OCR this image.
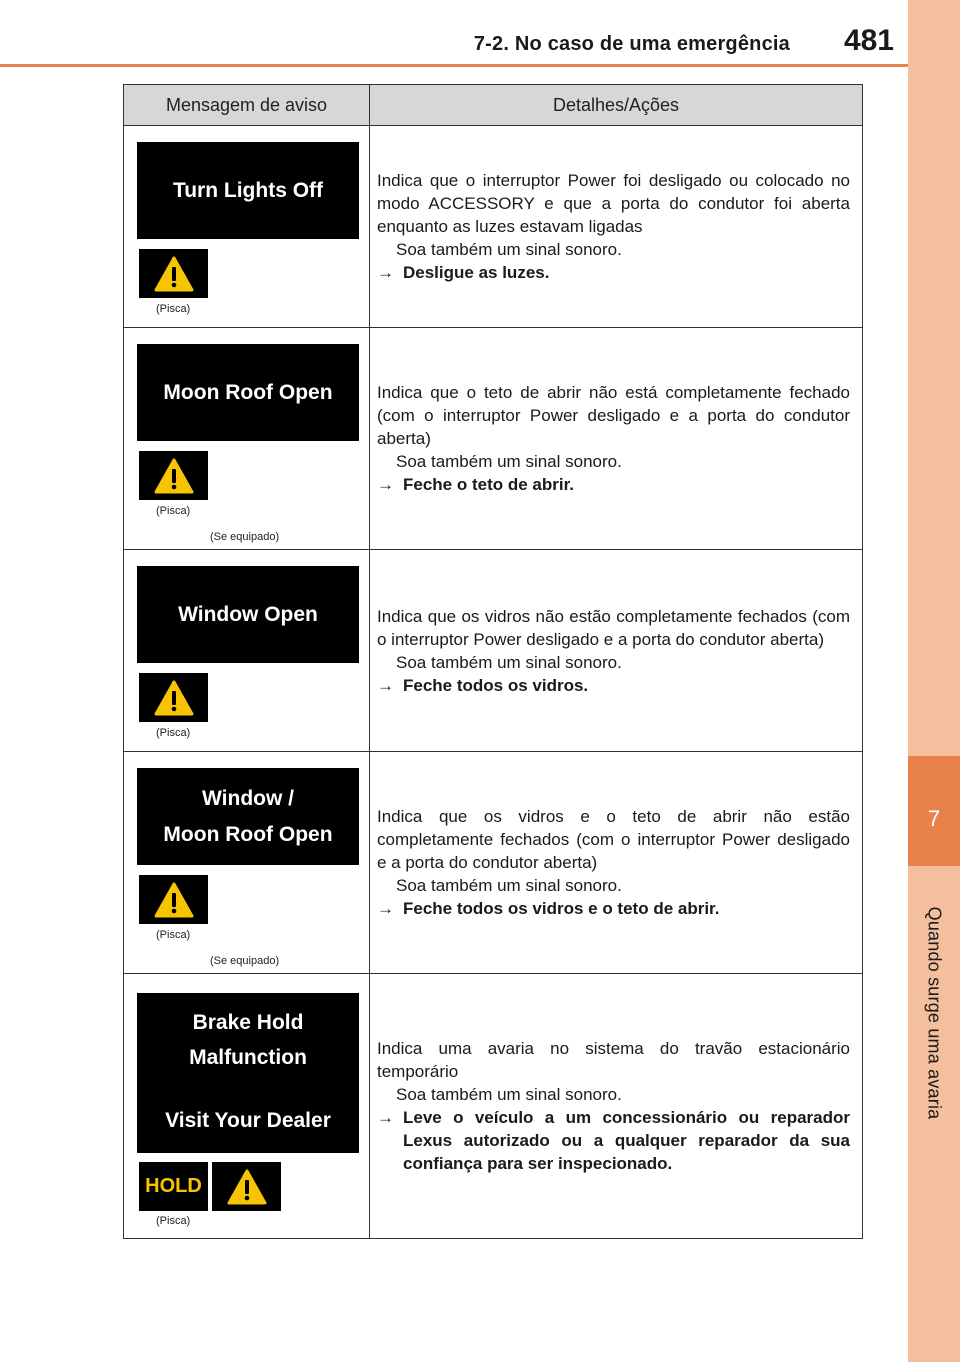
7-2. No caso de uma emergência 481
7
Quando surge uma avaria
Mensagem de aviso	Detalhes/Ações
Turn Lights Off
(Pisca)
Indica que o interruptor Power foi desligado ou colocado no modo ACCESSORY e que a porta do condutor foi aberta enquanto as luzes estavam ligadas
Soa também um sinal sonoro.
→ Desligue as luzes.
Moon Roof Open
(Pisca)
(Se equipado)
Indica que o teto de abrir não está completamente fechado (com o interruptor Power desligado e a porta do condutor aberta)
Soa também um sinal sonoro.
→ Feche o teto de abrir.
Window Open
(Pisca)
Indica que os vidros não estão completamente fechados (com o interruptor Power desligado e a porta do condutor aberta)
Soa também um sinal sonoro.
→ Feche todos os vidros.
Window /
Moon Roof Open
(Pisca)
(Se equipado)
Indica que os vidros e o teto de abrir não estão completamente fechados (com o interruptor Power desligado e a porta do condutor aberta)
Soa também um sinal sonoro.
→ Feche todos os vidros e o teto de abrir.
Brake Hold
Malfunction
Visit Your Dealer
HOLD
(Pisca)
Indica uma avaria no sistema do travão estacionário temporário
Soa também um sinal sonoro.
→ Leve o veículo a um concessionário ou reparador Lexus autorizado ou a qualquer reparador da sua confiança para ser inspecionado.
